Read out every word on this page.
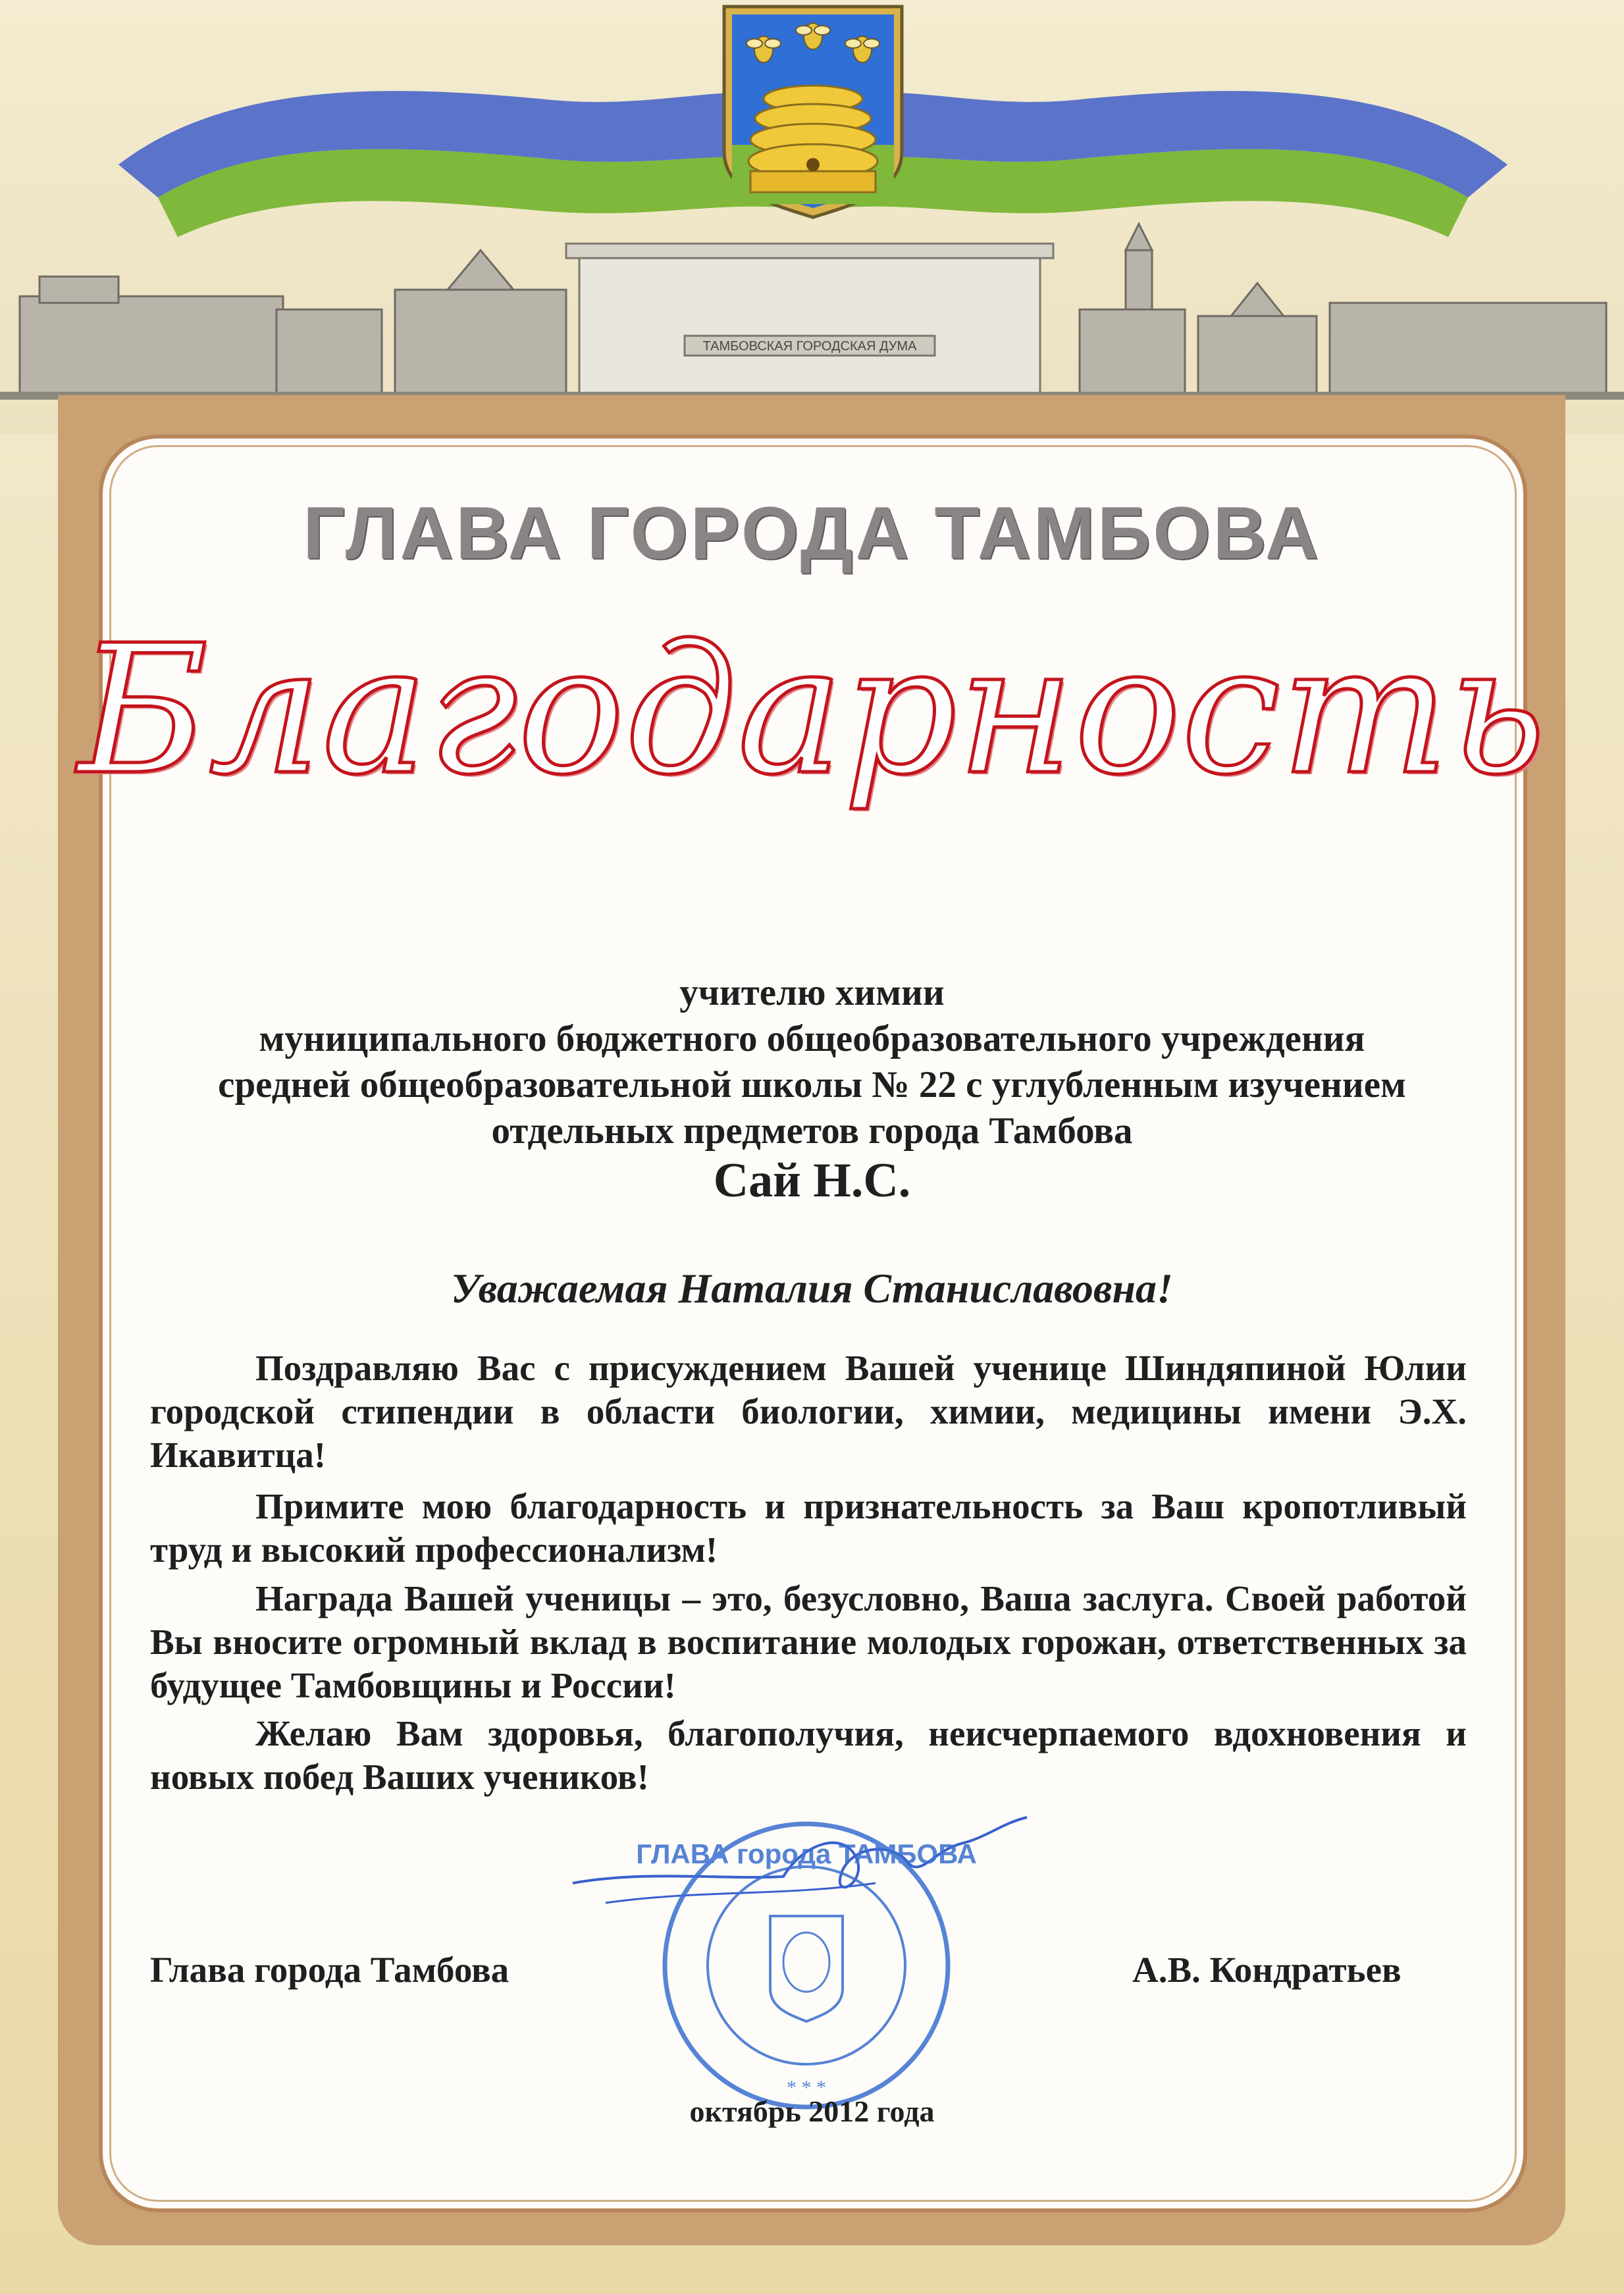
ТАМБОВСКАЯ ГОРОДСКАЯ ДУМА
ГЛАВА ГОРОДА ТАМБОВА
Благодарность
учителю химии
муниципального бюджетного общеобразовательного учреждения
средней общеобразовательной школы № 22 с углубленным изучением
отдельных предметов города Тамбова
Сай Н.С.
Уважаемая Наталия Станиславовна!
Поздравляю Вас с присуждением Вашей ученице Шиндяпиной Юлии городской стипендии в области биологии, химии, медицины имени Э.Х. Икавитца!
Примите мою благодарность и признательность за Ваш кропотливый труд и высокий профессионализм!
Награда Вашей ученицы – это, безусловно, Ваша заслуга. Своей работой Вы вносите огромный вклад в воспитание молодых горожан, ответственных за будущее Тамбовщины и России!
Желаю Вам здоровья, благополучия, неисчерпаемого вдохновения и новых побед Ваших учеников!
ГЛАВА города ТАМБОВА
* * *
Глава города Тамбова	А.В. Кондратьев
октябрь 2012 года
